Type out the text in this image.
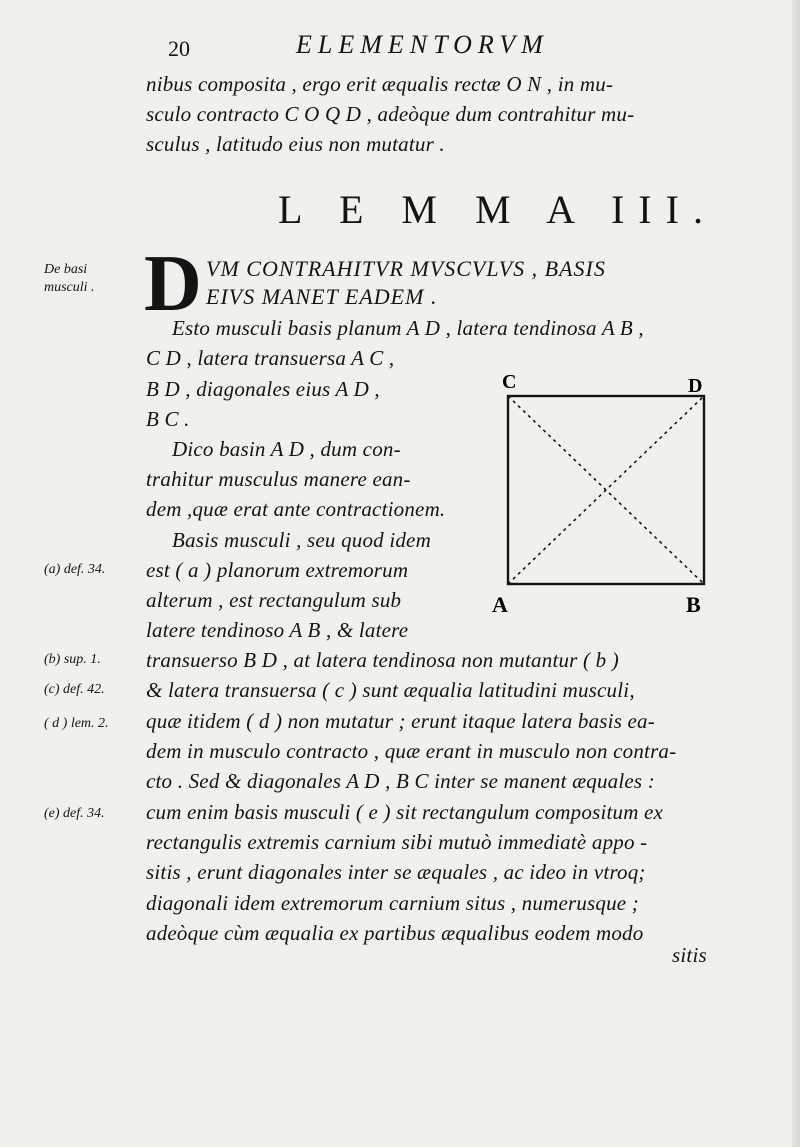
20	ELEMENTORVM
nibus composita , ergo erit æqualis rectæ O N , in mu-
sculo contracto C O Q D , adeòque dum contrahitur mu-
sculus , latitudo eius non mutatur .
L E M M A III.
De basi
musculi . D VM CONTRAHITVR MVSCVLVS , BASIS
EIVS MANET EADEM .
Esto musculi basis planum A D , latera tendinosa A B ,
C D , latera transuersa A C ,
B D , diagonales eius A D ,
B C .
Dico basin A D , dum con-
trahitur musculus manere ean-
dem ,quæ erat ante contractionem.
Basis musculi , seu quod idem
est ( a ) planorum extremorum
alterum , est rectangulum sub
latere tendinoso A B , & latere
(a) def. 34.
(b) sup. 1.
(c) def. 42.
( d ) lem. 2.
(e) def. 34.
transuerso B D , at latera tendinosa non mutantur ( b )
& latera transuersa ( c ) sunt æqualia latitudini musculi,
quæ itidem ( d ) non mutatur ; erunt itaque latera basis ea-
dem in musculo contracto , quæ erant in musculo non contra-
cto . Sed & diagonales A D , B C inter se manent æquales :
cum enim basis musculi ( e ) sit rectangulum compositum ex
rectangulis extremis carnium sibi mutuò immediatè appo -
sitis , erunt diagonales inter se æquales , ac ideo in vtroq;
diagonali idem extremorum carnium situs , numerusque ;
adeòque cùm æqualia ex partibus æqualibus eodem modo
sitis
C	D
A	B
